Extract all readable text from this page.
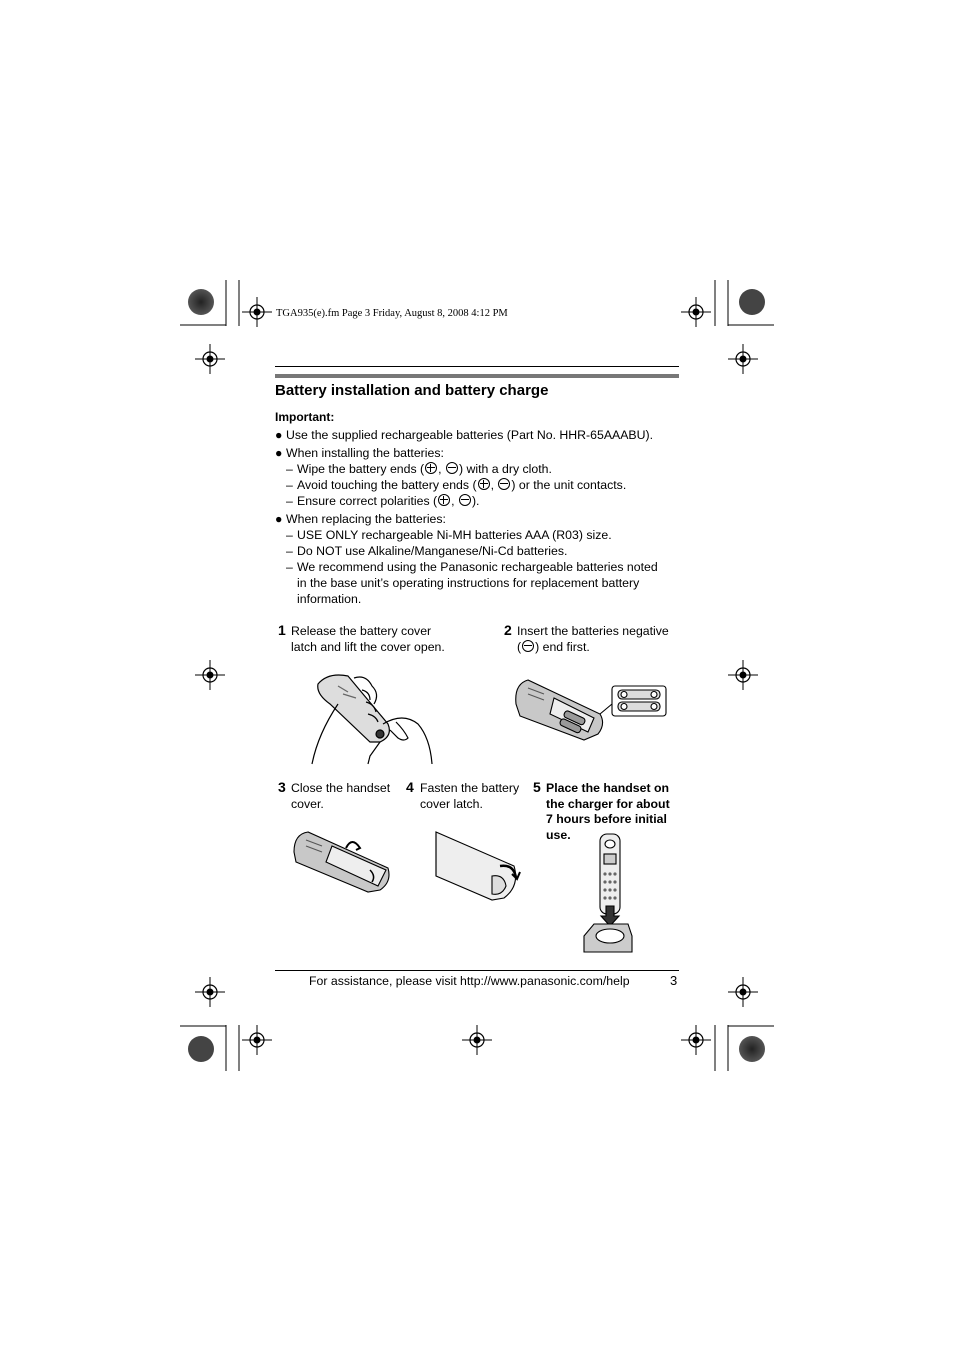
TGA935(e).fm Page 3 Friday, August 8, 2008 4:12 PM
Battery installation and battery charge
Important:
● Use the supplied rechargeable batteries (Part No. HHR-65AAABU).
● When installing the batteries:
– Wipe the battery ends ( , ) with a dry cloth.
– Avoid touching the battery ends ( , ) or the unit contacts.
– Ensure correct polarities ( , ).
● When replacing the batteries:
– USE ONLY rechargeable Ni-MH batteries AAA (R03) size.
– Do NOT use Alkaline/Manganese/Ni-Cd batteries.
– We recommend using the Panasonic rechargeable batteries noted
in the base unit’s operating instructions for replacement battery
information.
1 Release the battery cover
latch and lift the cover open.
2 Insert the batteries negative
( ) end first.
3 Close the handset
cover.
4 Fasten the battery
cover latch.
5 Place the handset on
the charger for about
7 hours before initial
use.
For assistance, please visit http://www.panasonic.com/help	3
